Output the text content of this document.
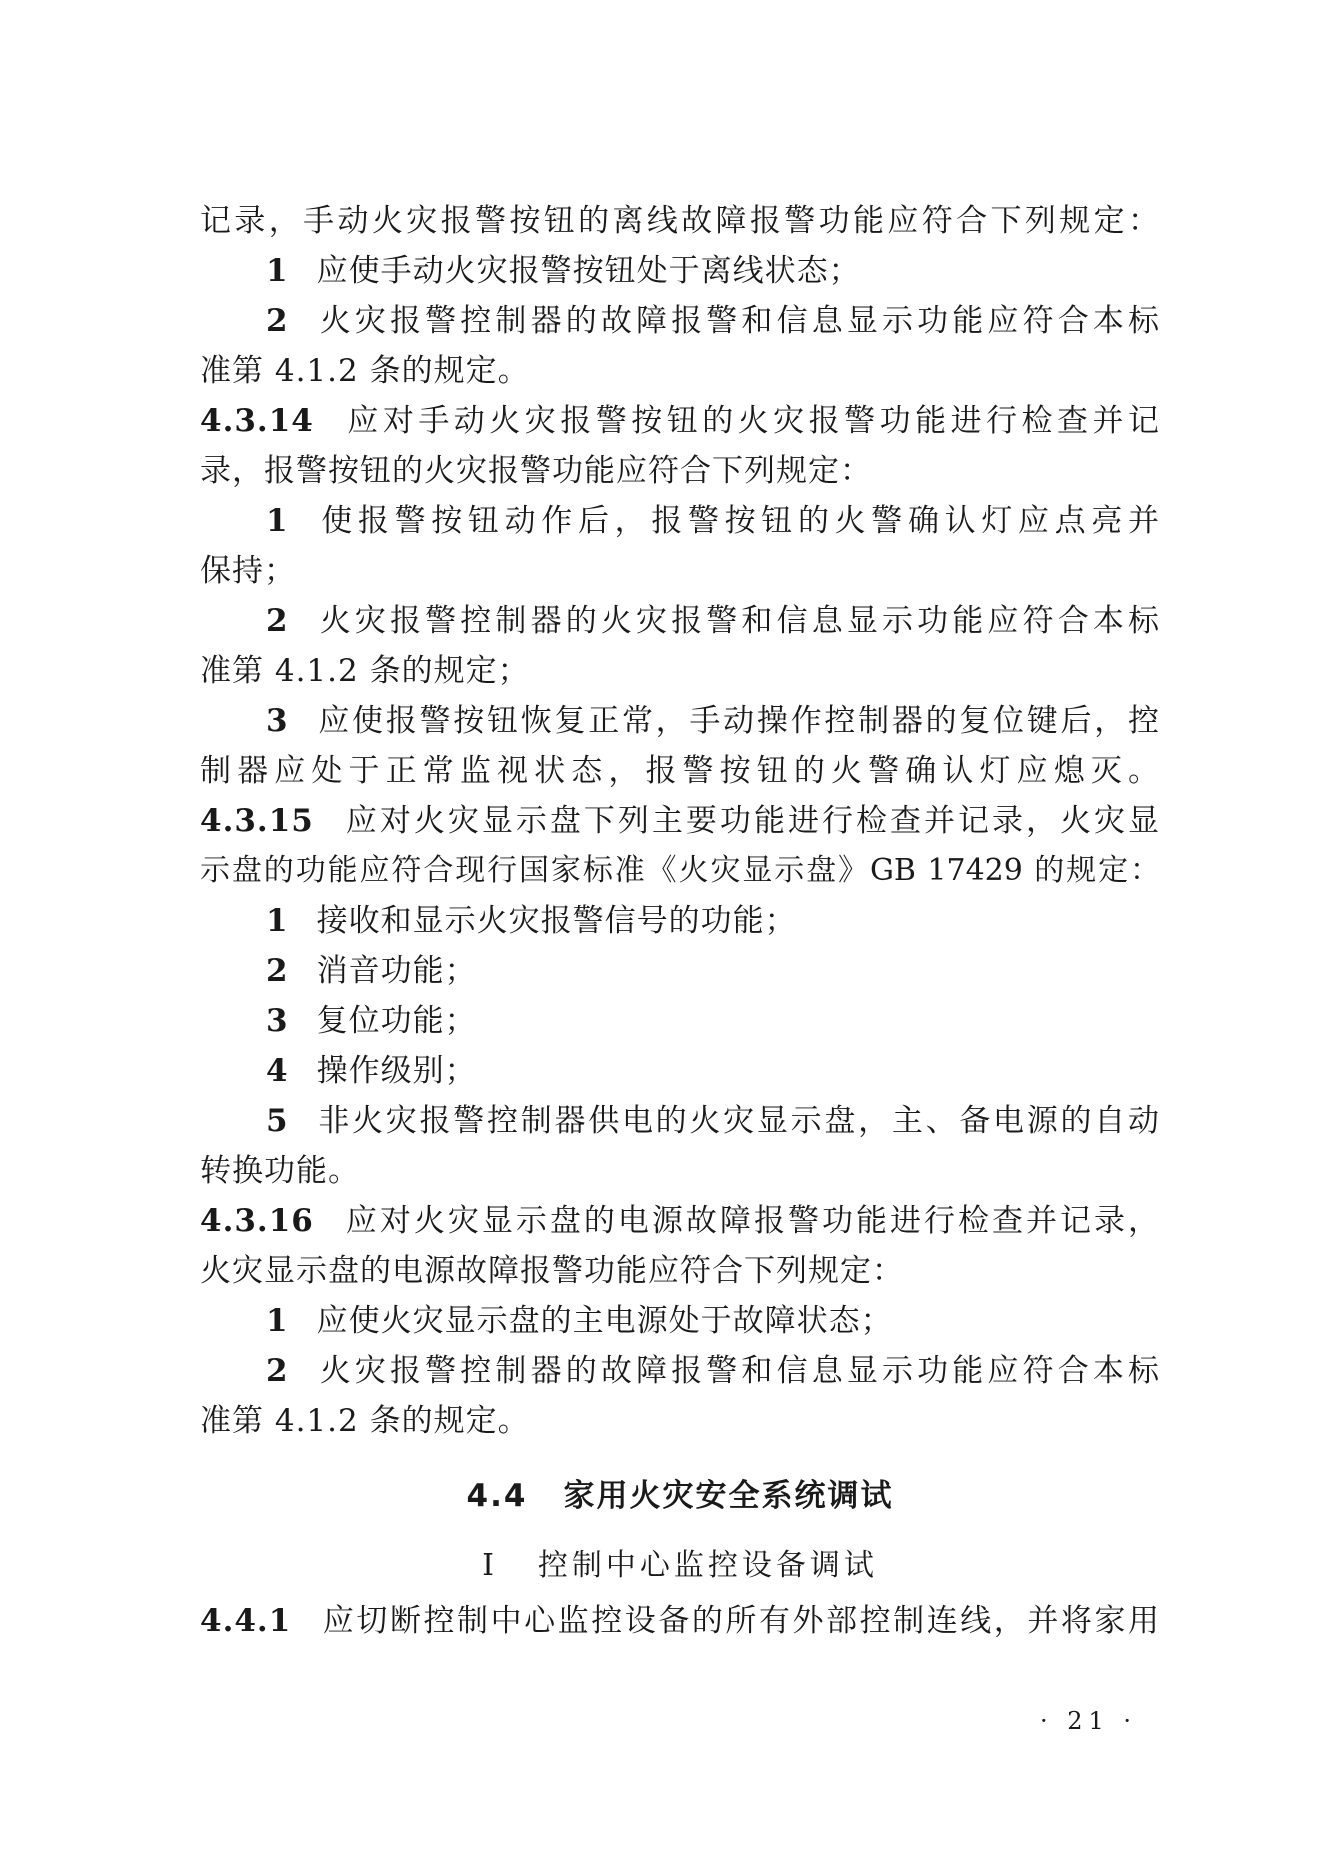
记录，手动火灾报警按钮的离线故障报警功能应符合下列规定：
1 应使手动火灾报警按钮处于离线状态；
2 火灾报警控制器的故障报警和信息显示功能应符合本标
准第 4.1.2 条的规定。
4.3.14 应对手动火灾报警按钮的火灾报警功能进行检查并记
录，报警按钮的火灾报警功能应符合下列规定：
1 使报警按钮动作后，报警按钮的火警确认灯应点亮并
保持；
2 火灾报警控制器的火灾报警和信息显示功能应符合本标
准第 4.1.2 条的规定；
3 应使报警按钮恢复正常，手动操作控制器的复位键后，控
制器应处于正常监视状态，报警按钮的火警确认灯应熄灭。
4.3.15 应对火灾显示盘下列主要功能进行检查并记录，火灾显
示盘的功能应符合现行国家标准《火灾显示盘》GB 17429 的规定：
1 接收和显示火灾报警信号的功能；
2 消音功能；
3 复位功能；
4 操作级别；
5 非火灾报警控制器供电的火灾显示盘，主、备电源的自动
转换功能。
4.3.16 应对火灾显示盘的电源故障报警功能进行检查并记录，
火灾显示盘的电源故障报警功能应符合下列规定：
1 应使火灾显示盘的主电源处于故障状态；
2 火灾报警控制器的故障报警和信息显示功能应符合本标
准第 4.1.2 条的规定。
4.4 家用火灾安全系统调试
Ⅰ 控制中心监控设备调试
4.4.1 应切断控制中心监控设备的所有外部控制连线，并将家用
· 21 ·
